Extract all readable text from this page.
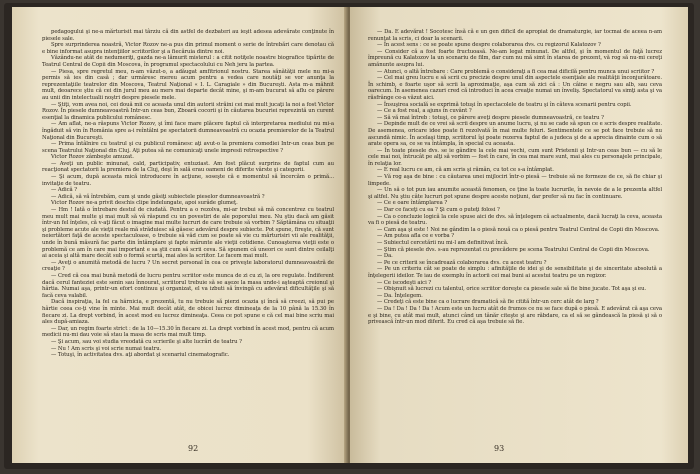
pedagogului şi ne-a mărturisit mai târziu că din astfel de dezbateri au ieşit adesea adevărate conţinute în piesele sale.

Spre surprinderea noastră, Victor Rozov ne-a pus din primul moment o serie de întrebări care denotau că e bine informat asupra intenţiilor scriitorilor şi a fiecăruia dintre noi.

Văzându-ne atât de nedumeriţi, gazda ne-a lămurit misterul : a citit notiţele noastre biografice tipărite de Teatrul Central de Copii din Moscova, în programul spectacolului cu Neh jeru la partea.

— Piesa, spre regretul meu, n-am văzut-o, a adăugat amfitrionul nostru. Starea sănătăţii mele nu mi-a permis să ies din casă ; dar urmăresc mereu acum pentru a vedea care noutăţi se vor anunţa la reprezentaţiile teatrelor din Moscova, Teatrul Naţional « I. L. Caragiale » din Bucureşti. Asta m-a mâhnit mult, deoarece ştiu că cei din jurul meu au mers mai departe decât mine, şi m-am bucurat să aflu ce părere au unii din intelectualii noştri despre piesele mele.

— Ştiţi, vom avea noi, cei două mii ce aceasta unul din autorii străini cei mai mult jucaţi la noi a fost Victor Rozov. În piesele dumneavoastră Intr-un ceas bun, Zboară cocorii şi în căutarea bucuriei reprezintă un curent esenţial la dinamica publicului românesc.

— Am aflat, ne-a răspuns Victor Rozov, şi îmi face mare plăcere faptul că interpretarea mediului nu mi-a îngăduit să vin în România spre a-i reîntâlni pe spectatorii dumneavoastră cu ocazia premierelor de la Teatrul Naţional din Bucureşti.

— Prima întâlnire cu teatrul şi cu publicul românesc aţi avut-o la premiera comediei Intr-un ceas bun pe scena Teatrului Naţional din Cluj. Aţi putea să ne comunicaţi unele impresii retrospective ?

Victor Rozov zâmbeşte amuzat.

— Aveţi un public minunat, cald, participativ, entuziast. Am fost plăcut surprins de faptul cum au reacţionat spectatorii la premiera de la Cluj, deşi în sală erau oameni de diferite vârste şi categorii.

— Şi acum, după aceasta mică introducere în acţiune, soseşte că e momentul să încercăm o primă... invitaţie de teatru.

— Adică ?

— Adică, să vă întrebăm, cum şi unde găsiţi subiectele pieselor dumneavoastră ?

Victor Rozov ne-a privit deschis clipe îndelungate, apoi surâde glumeţ.

— Hm ! Iată o întrebare destul de ciudată. Pentru a o rezolva, mi-ar trebui să mă concentrez cu teatrul meu mult mai multe şi mai mult să vă răspund cu un povestiri de ale poporului meu. Nu ştiu dacă am găsit într-un fel înţeles, că v-aţi făcut o imagine mai multe lucruri de care trebuie să vorbim ? Săptămâna cu situaţii şi probleme acute ale vieţii reale mă străduiesc să găsesc adevărul despre subiecte. Pot spune, fireşte, că sunt neiertători faţă de aceste spectaculoase, o trebuie să văd cum se poate să vie cu mărturisiri vii ale realităţii, unde în bună măsură fac parte din întâmplare şi fapte mărunte ale vieţii cotidiene. Cunoaşterea vieţii este o problemă ce am în care mai important e sa ştii cum să scrii ceva. Să spunem că uneori ce sunt dintre ceilalţi ai aceia şi altă mare decât sub o formă scurtă, mai ales la scriitor. Le facem mai mult.

— Aveţi o anumită metodă de lucru ? Un secret personal în cea ce priveşte laboratorul dumneavoastră de creaţie ?

— Cred că cea mai bună metodă de lucru pentru scriitor este munca de zi cu zi, la ore regulate. Îndiferent dacă cerul fanteziei este senin sau înnourat, scriitorul trebuie să se aşeze la masa unde-i aşteaptă creionul şi hârtia. Numai aşa, printr-un efort continuu şi organizat, el va izbuti să învingă cu adevărat dificultăţile şi să facă ceva valabil.

Dacă inspiraţia, la fel ca hărnicia, e prezentă, tu nu trebuie să pierzi ocazia şi încă să creezi, să pui pe hârtie ceea ce-ţi vine în minte. Mai mult decât atât, de obicei lucrez dimineaţa de la 10 până la 15.30 în fiecare zi. La drept vorbind, în acest mod eu lucrez dimineaţa. Ceea ce pot spune e că cel mai bine scriu mai ales după-amiaza.

— Dar, un regim foarte strict : de la 10—15.30 în fiecare zi. La drept vorbind în acest mod, pentru că acum medicii nu-mi dau voie să stau la masa de scris mai mult timp.

— Şi acum, sau voi studia vreodată cu scrierile şi alte lucrări de teatru ?

— Nu ! Am scris şi voi scrie numai teatru.

— Totuşi, în activitatea dvs. aţi abordat şi scenariul cinematografic.

92

— Da. E adevărat ! Socotesc însă că e un gen dificil de apropiat de dramaturgie, iar tocmai de aceea n-am renunţat la scris, ci doar la scenarii.

— În acest sens : ce se poate spune despre colaborarea dvs. cu regizorul Kalatozov ?

— Consider că a fost foarte fructuoasă. Ne-am legat minunat. De altfel, şi în momentul de faţă lucrez împreună cu Kalatozov la un scenariu de film, dar cum nu mă simt în starea de prezent, vă rog să nu-mi cereţi amănunte asupra lui.

— Atunci, o altă întrebare : Care problemă o consideraţi a fi cea mai dificilă pentru munca unui scriitor ?

— Cel mai greu lucru e să scrii cu precizie despre unul din aspectele esenţiale ale realităţii înconjurătoare. În schimb, e foarte uşor să scrii la aproximaţie, aşa cum să zici că : Un câine e negru sau alb, sau ceva oarecum. În asemenea cazuri cred că introduci în acea creaţie numai un înveliş. Spectatorul va simţi asta şi va răsfrânge ce-a văzut aici.

— Însuşirea socială se exprimă totuşi în spectacolele de teatru şi în câteva scenarii pentru copii.

— Ce a fost real, a ajuns în cuvânt ?

— Să vă mai întreb : totuşi, ce părere aveţi despre piesele dumneavoastră, ce teatru ?

— Depinde mult de ce vrei să scrii despre un anume lucru, şi nu se cade să spun ce e scris despre realitate. De asemenea, oricare idee poate fi rezolvată în mai multe feluri. Sentimentele ce se pot face trebuie să nu ascundă nimic. În acelaşi timp, scriitorul îşi poate rezerva faptul de a judeca şi de a aprecia dinainte cum o să arate opera sa, ce se va întâmpla, în special cu aceasta.

— În toate piesele dvs. se ie gândire la cele mai vechi, cum sunt Prietenii şi Intr-un ceas bun — cu să le cele mai noi, întrucât pe alţi să vorbim — fost în care, în cea mai mare sunt, mai ales cu personajele principale, în relaţia lor.

— E real lucru ce am, că am scris şi rămân, cu tot ce s-a întâmplat.

— Vă rog aşa de bine : cu căutarea unei mijlociri într-o piesă — trebuie să ne formeze de ce, să fie chiar şi limpede.

— Un să o tot pun iau anumite această fenomen, ce ţine la toate lucrurile, în nevoie de a le prezenta altfel şi altfel. Nu ştiu câte lucruri pot spune despre aceste noţiuni, dar prefer să nu fac în continuare.

— Ce e oare întâmplarea ?

— Dar ce faceţi cu ea ? Şi cum o puteţi folosi ?

— Ca o concluzie logică la cele spuse aici de dvs. să înţelegem că actualmente, dacă lucraţi la ceva, aceasta va fi o piesă de teatru.

— Cam aşa şi este ! Noi ne gândim la o piesă nouă ca o piesă pentru Teatrul Central de Copii din Moscova.

— Am putea afla ce e vorba ?

— Subiectul cercetării nu mi-l am definitivat încă.

— Ştim că piesele dvs. s-au reprezentat cu precădere pe scena Teatrului Central de Copii din Moscova.

— Da.

— Pe ce criterii se încadrează colaborarea dvs. cu acest teatru ?

— Pe un criteriu cât se poate de simplu : afinităţile de idei şi de sensibilitate şi de sinceritate absolută a înţelegerii ideilor. Te iau de exemplu în actorii cei mai buni ai acestui teatru pe un regizor.

— Ce iscodeşti aici ?

— Obişnuit să lucrezi cu talentul, orice scriitor doreşte ca piesele sale să fie bine jucate. Tot aşa şi eu.

— Da. Înţelegem.

— Credeţi că este bine ca o lucrare dramatică să fie citită într-un cerc atât de larg ?

— Da ! Da ! Da ! Da ! Acum este un lucru atât de frumos ce nu se face după o piesă. E adevărat că aşa ceva e şi bine, cu atât mai mult, atunci când un tânăr citeşte şi are răbdare, ca el să se gândească la piesă şi să o privească într-un mod diferit. Eu cred că aşa trebuie să fie.

93
